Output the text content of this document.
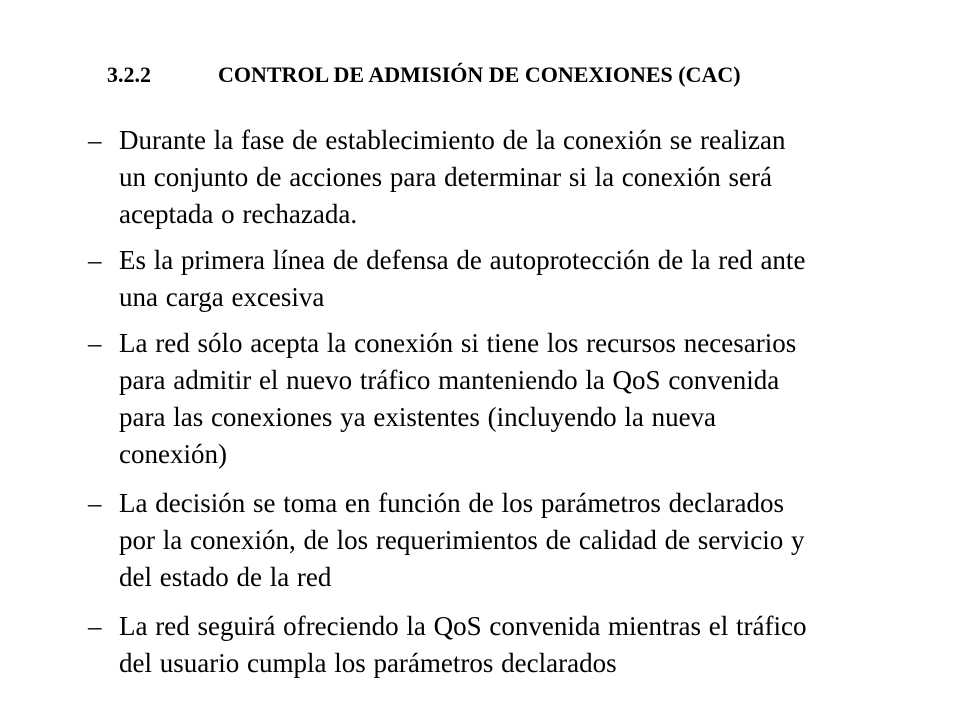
3.2.2	CONTROL DE ADMISIÓN DE CONEXIONES (CAC)
– Durante la fase de establecimiento de la conexión se realizan
un conjunto de acciones para determinar si la conexión será
aceptada o rechazada.
– Es la primera línea de defensa de autoprotección de la red ante
una carga excesiva
– La red sólo acepta la conexión si tiene los recursos necesarios
para admitir el nuevo tráfico manteniendo la QoS convenida
para las conexiones ya existentes (incluyendo la nueva
conexión)
– La decisión se toma en función de los parámetros declarados
por la conexión, de los requerimientos de calidad de servicio y
del estado de la red
– La red seguirá ofreciendo la QoS convenida mientras el tráfico
del usuario cumpla los parámetros declarados
